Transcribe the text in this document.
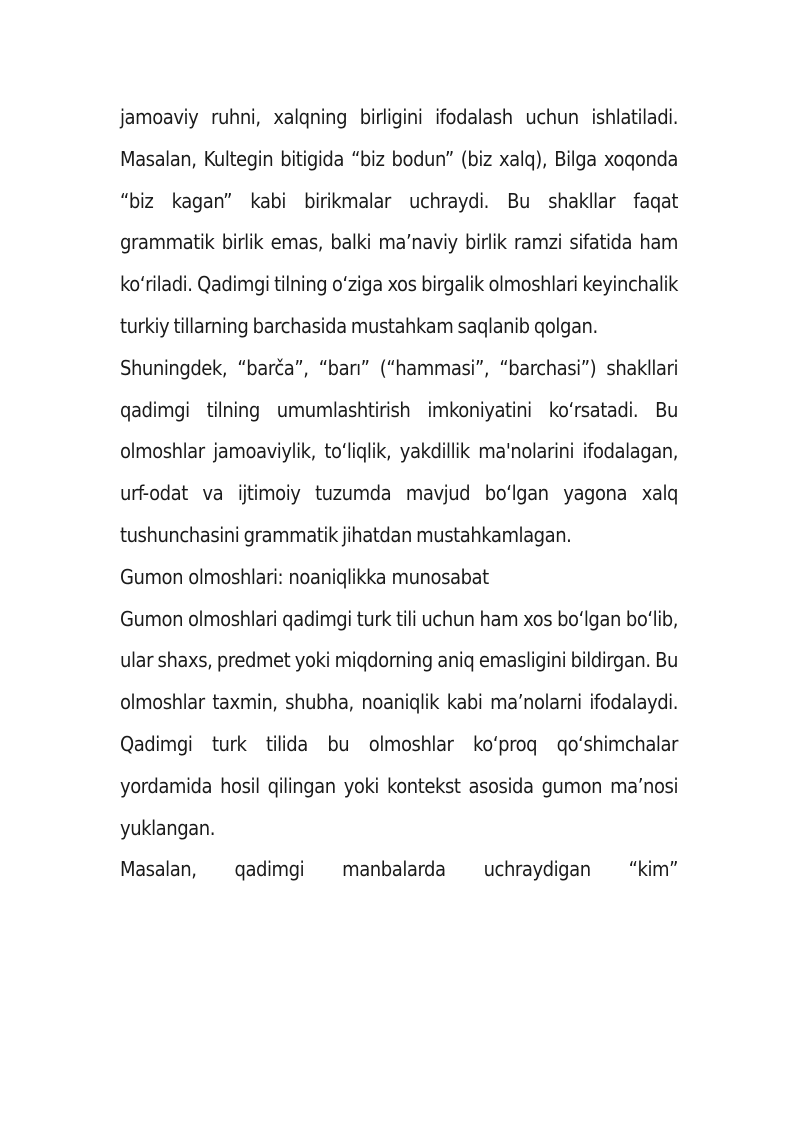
jamoaviy ruhni, xalqning birligini ifodalash uchun ishlatiladi. Masalan, Kultegin bitigida “biz bodun” (biz xalq), Bilga xoqonda “biz kagan” kabi birikmalar uchraydi. Bu shakllar faqat grammatik birlik emas, balki ma’naviy birlik ramzi sifatida ham ko‘riladi. Qadimgi tilning o‘ziga xos birgalik olmoshlari keyinchalik turkiy tillarning barchasida mustahkam saqlanib qolgan.

Shuningdek, “barča”, “barı” (“hammasi”, “barchasi”) shakllari qadimgi tilning umumlashtirish imkoniyatini ko‘rsatadi. Bu olmoshlar jamoaviylik, to‘liqlik, yakdillik ma'nolarini ifodalagan, urf-odat va ijtimoiy tuzumda mavjud bo‘lgan yagona xalq tushunchasini grammatik jihatdan mustahkamlagan.

Gumon olmoshlari: noaniqlikka munosabat

Gumon olmoshlari qadimgi turk tili uchun ham xos bo‘lgan bo‘lib, ular shaxs, predmet yoki miqdorning aniq emasligini bildirgan. Bu olmoshlar taxmin, shubha, noaniqlik kabi ma’nolarni ifodalaydi. Qadimgi turk tilida bu olmoshlar ko‘proq qo‘shimchalar yordamida hosil qilingan yoki kontekst asosida gumon ma’nosi yuklangan.

Masalan, qadimgi manbalarda uchraydigan “kim”
